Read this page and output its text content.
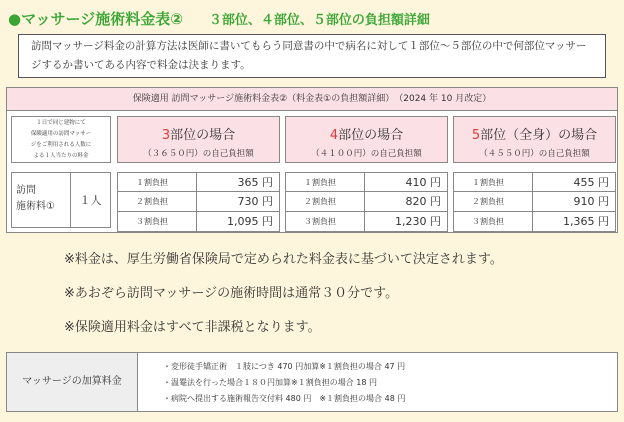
●マッサージ施術料金表② ３部位、４部位、５部位の負担額詳細
訪問マッサージ料金の計算方法は医師に書いてもらう同意書の中で病名に対して１部位〜５部位の中で何部位マッサージするか書いてある内容で料金は決まります。
保険適用 訪問マッサージ施術料金表②（料金表①の負担額詳細）　（2024 年 10 月改定）
１日で同じ建物にて
保険適用の訪問マッサー
ジをご利用される人数に
よる１人当たりの料金
訪問
施術料①	１人
3部位の場合
（３６５０円）の自己負担額
１割負担	365 円
２割負担	730 円
３割負担	1,095 円
4部位の場合
（４１００円）の自己負担額
１割負担	410 円
２割負担	820 円
３割負担	1,230 円
5部位（全身）の場合
（４５５０円）の自己負担額
１割負担	455 円
２割負担	910 円
３割負担	1,365 円
※料金は、厚生労働省保険局で定められた料金表に基づいて決定されます。
※あおぞら訪問マッサージの施術時間は通常３０分です。
※保険適用料金はすべて非課税となります。
マッサージの加算料金
・変形徒手矯正術　１肢につき 470 円加算※１割負担の場合 47 円
・温罨法を行った場合１８０円加算※１割負担の場合 18 円
・病院へ提出する施術報告交付料 480 円　※１割負担の場合 48 円
